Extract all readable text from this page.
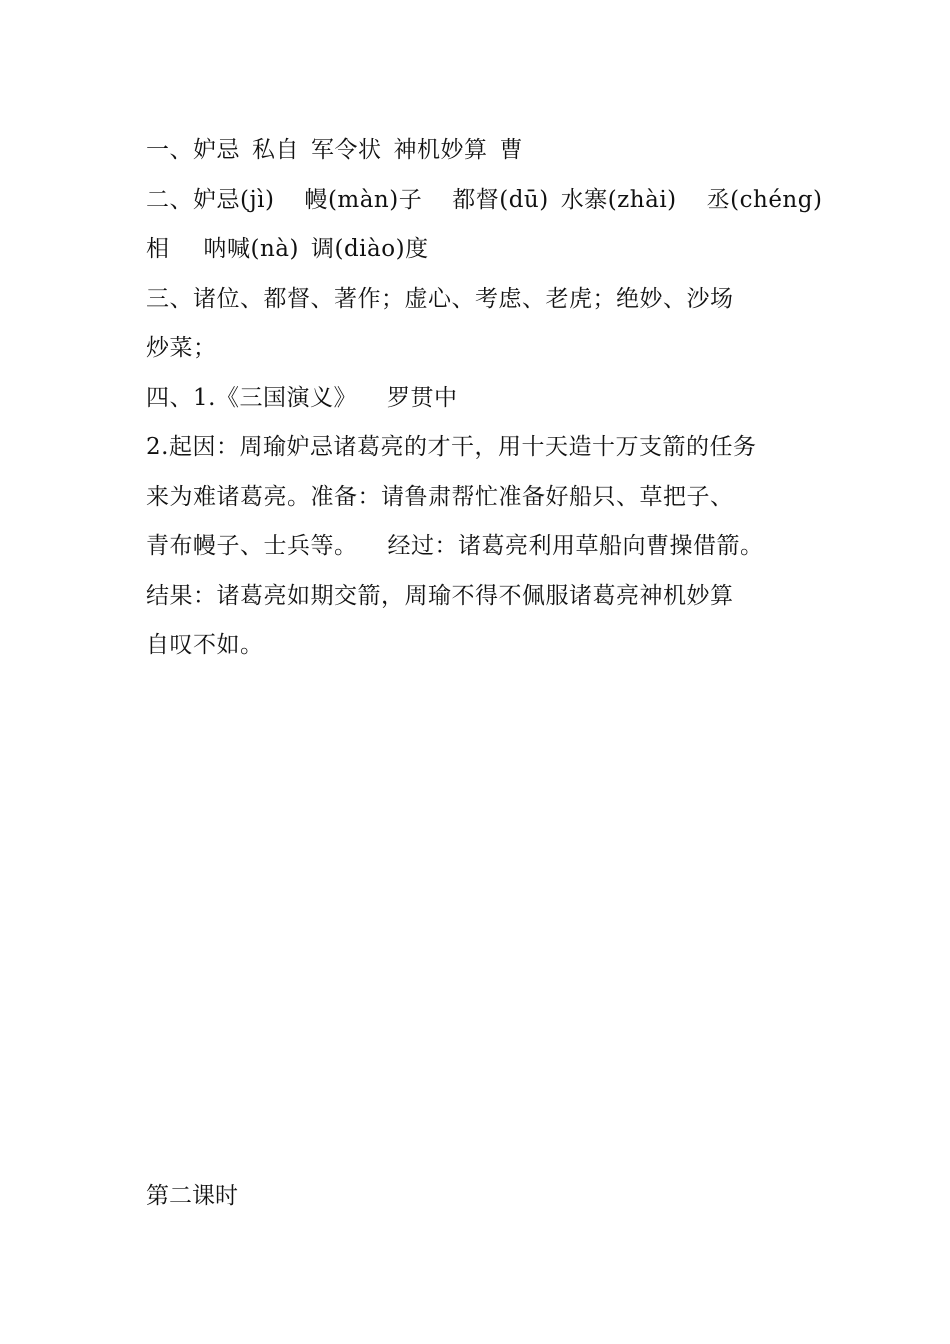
一、妒忌 私自 军令状 神机妙算 曹
二、妒忌(jì) 幔(màn)子 都督(dū) 水寨(zhài) 丞(chéng)
相 呐喊(nà) 调(diào)度
三、诸位、都督、著作；虚心、考虑、老虎；绝妙、沙场
炒菜；
四、1.《三国演义》 罗贯中
2.起因：周瑜妒忌诸葛亮的才干，用十天造十万支箭的任务
来为难诸葛亮。准备：请鲁肃帮忙准备好船只、草把子、
青布幔子、士兵等。 经过：诸葛亮利用草船向曹操借箭。
结果：诸葛亮如期交箭，周瑜不得不佩服诸葛亮神机妙算
自叹不如。
第二课时
